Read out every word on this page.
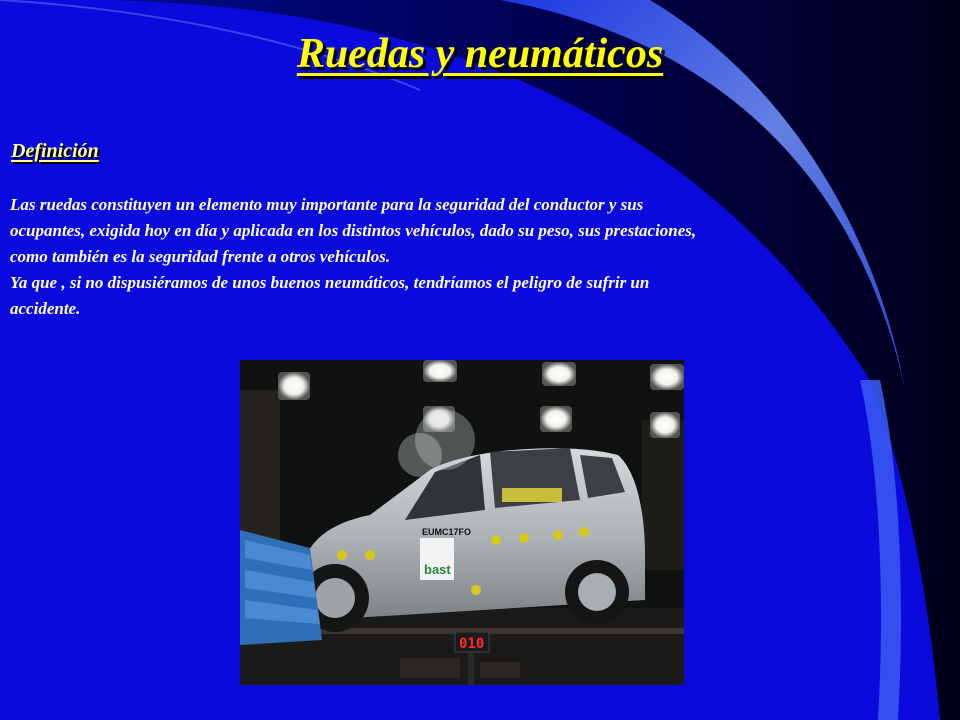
Ruedas y neumáticos
Definición

Las ruedas constituyen un elemento muy importante para la seguridad del conductor y sus ocupantes, exigida hoy en día y aplicada en los distintos vehículos, dado su peso, sus prestaciones, como también es la seguridad frente a otros vehículos.

Ya que , si no dispusiéramos de unos buenos neumáticos, tendríamos el peligro de sufrir un accidente.

EUMC17FO
bast
010
